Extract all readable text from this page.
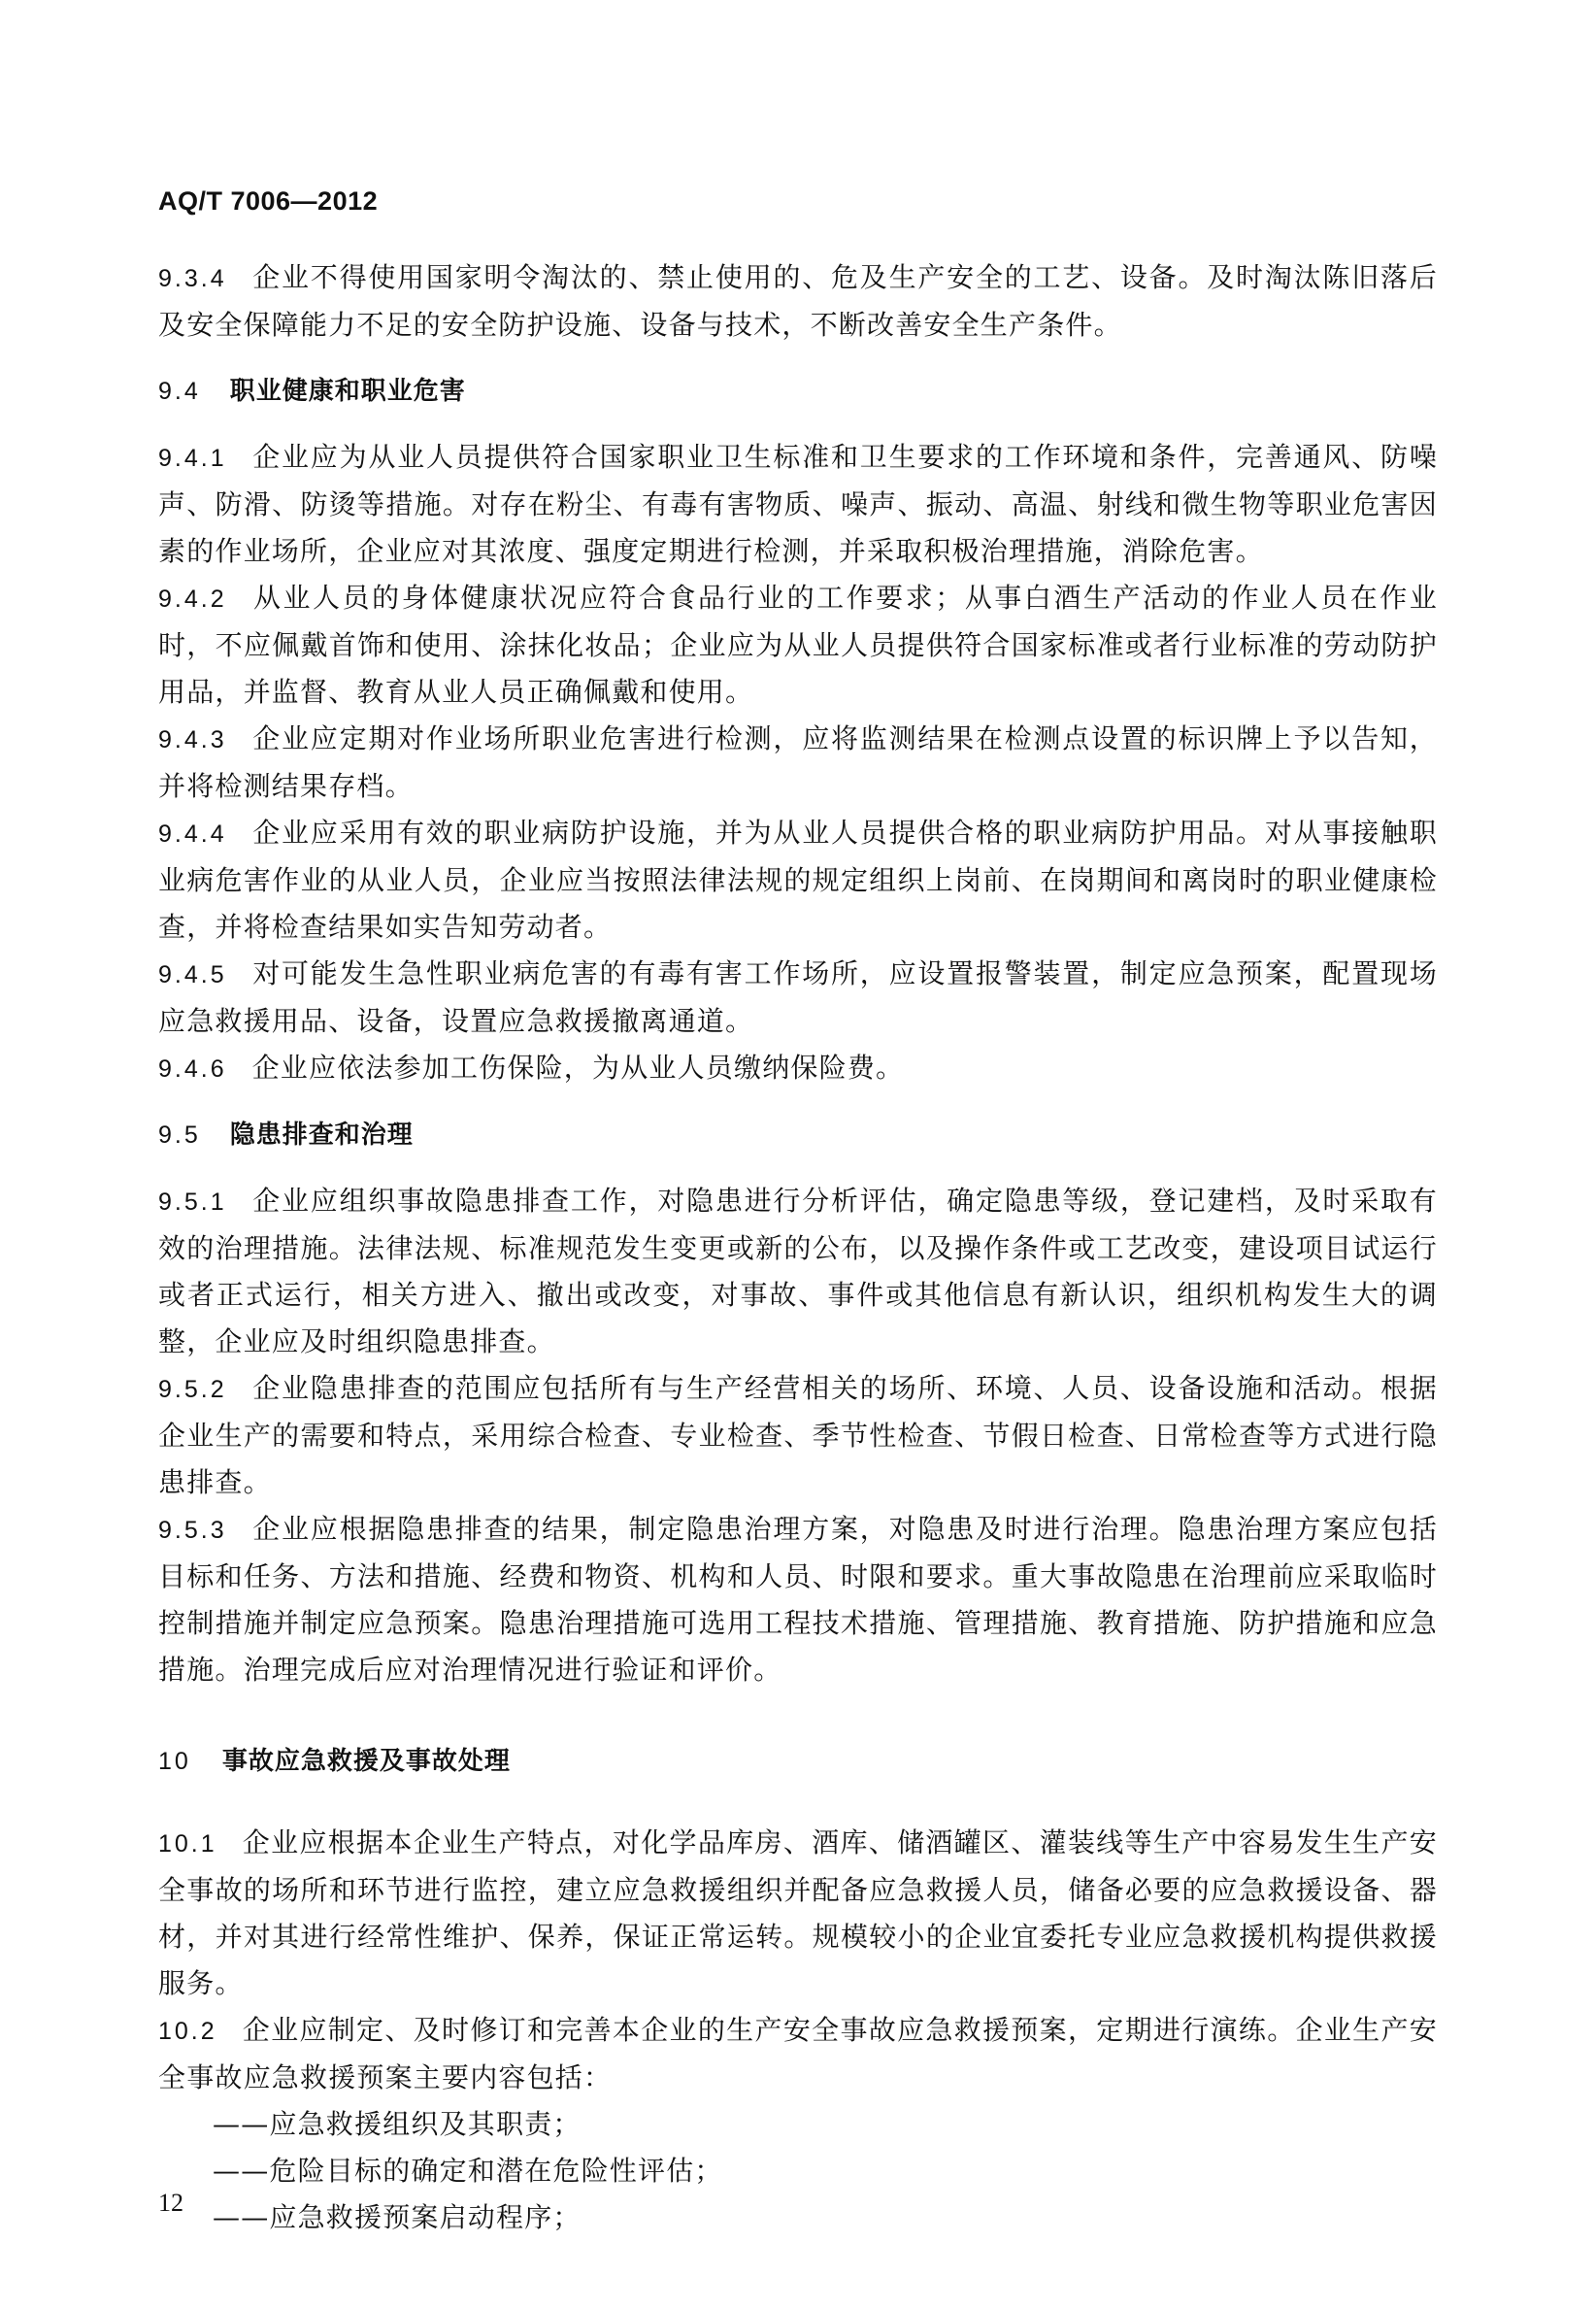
AQ/T 7006—2012

9.3.4 企业不得使用国家明令淘汰的、禁止使用的、危及生产安全的工艺、设备。及时淘汰陈旧落后及安全保障能力不足的安全防护设施、设备与技术，不断改善安全生产条件。

9.4 职业健康和职业危害

9.4.1 企业应为从业人员提供符合国家职业卫生标准和卫生要求的工作环境和条件，完善通风、防噪声、防滑、防烫等措施。对存在粉尘、有毒有害物质、噪声、振动、高温、射线和微生物等职业危害因素的作业场所，企业应对其浓度、强度定期进行检测，并采取积极治理措施，消除危害。

9.4.2 从业人员的身体健康状况应符合食品行业的工作要求；从事白酒生产活动的作业人员在作业时，不应佩戴首饰和使用、涂抹化妆品；企业应为从业人员提供符合国家标准或者行业标准的劳动防护用品，并监督、教育从业人员正确佩戴和使用。

9.4.3 企业应定期对作业场所职业危害进行检测，应将监测结果在检测点设置的标识牌上予以告知，并将检测结果存档。

9.4.4 企业应采用有效的职业病防护设施，并为从业人员提供合格的职业病防护用品。对从事接触职业病危害作业的从业人员，企业应当按照法律法规的规定组织上岗前、在岗期间和离岗时的职业健康检查，并将检查结果如实告知劳动者。

9.4.5 对可能发生急性职业病危害的有毒有害工作场所，应设置报警装置，制定应急预案，配置现场应急救援用品、设备，设置应急救援撤离通道。

9.4.6 企业应依法参加工伤保险，为从业人员缴纳保险费。

9.5 隐患排查和治理

9.5.1 企业应组织事故隐患排查工作，对隐患进行分析评估，确定隐患等级，登记建档，及时采取有效的治理措施。法律法规、标准规范发生变更或新的公布，以及操作条件或工艺改变，建设项目试运行或者正式运行，相关方进入、撤出或改变，对事故、事件或其他信息有新认识，组织机构发生大的调整，企业应及时组织隐患排查。

9.5.2 企业隐患排查的范围应包括所有与生产经营相关的场所、环境、人员、设备设施和活动。根据企业生产的需要和特点，采用综合检查、专业检查、季节性检查、节假日检查、日常检查等方式进行隐患排查。

9.5.3 企业应根据隐患排查的结果，制定隐患治理方案，对隐患及时进行治理。隐患治理方案应包括目标和任务、方法和措施、经费和物资、机构和人员、时限和要求。重大事故隐患在治理前应采取临时控制措施并制定应急预案。隐患治理措施可选用工程技术措施、管理措施、教育措施、防护措施和应急措施。治理完成后应对治理情况进行验证和评价。

10 事故应急救援及事故处理

10.1 企业应根据本企业生产特点，对化学品库房、酒库、储酒罐区、灌装线等生产中容易发生生产安全事故的场所和环节进行监控，建立应急救援组织并配备应急救援人员，储备必要的应急救援设备、器材，并对其进行经常性维护、保养，保证正常运转。规模较小的企业宜委托专业应急救援机构提供救援服务。

10.2 企业应制定、及时修订和完善本企业的生产安全事故应急救援预案，定期进行演练。企业生产安全事故应急救援预案主要内容包括：

——应急救援组织及其职责；

——危险目标的确定和潜在危险性评估；

——应急救援预案启动程序；

12
